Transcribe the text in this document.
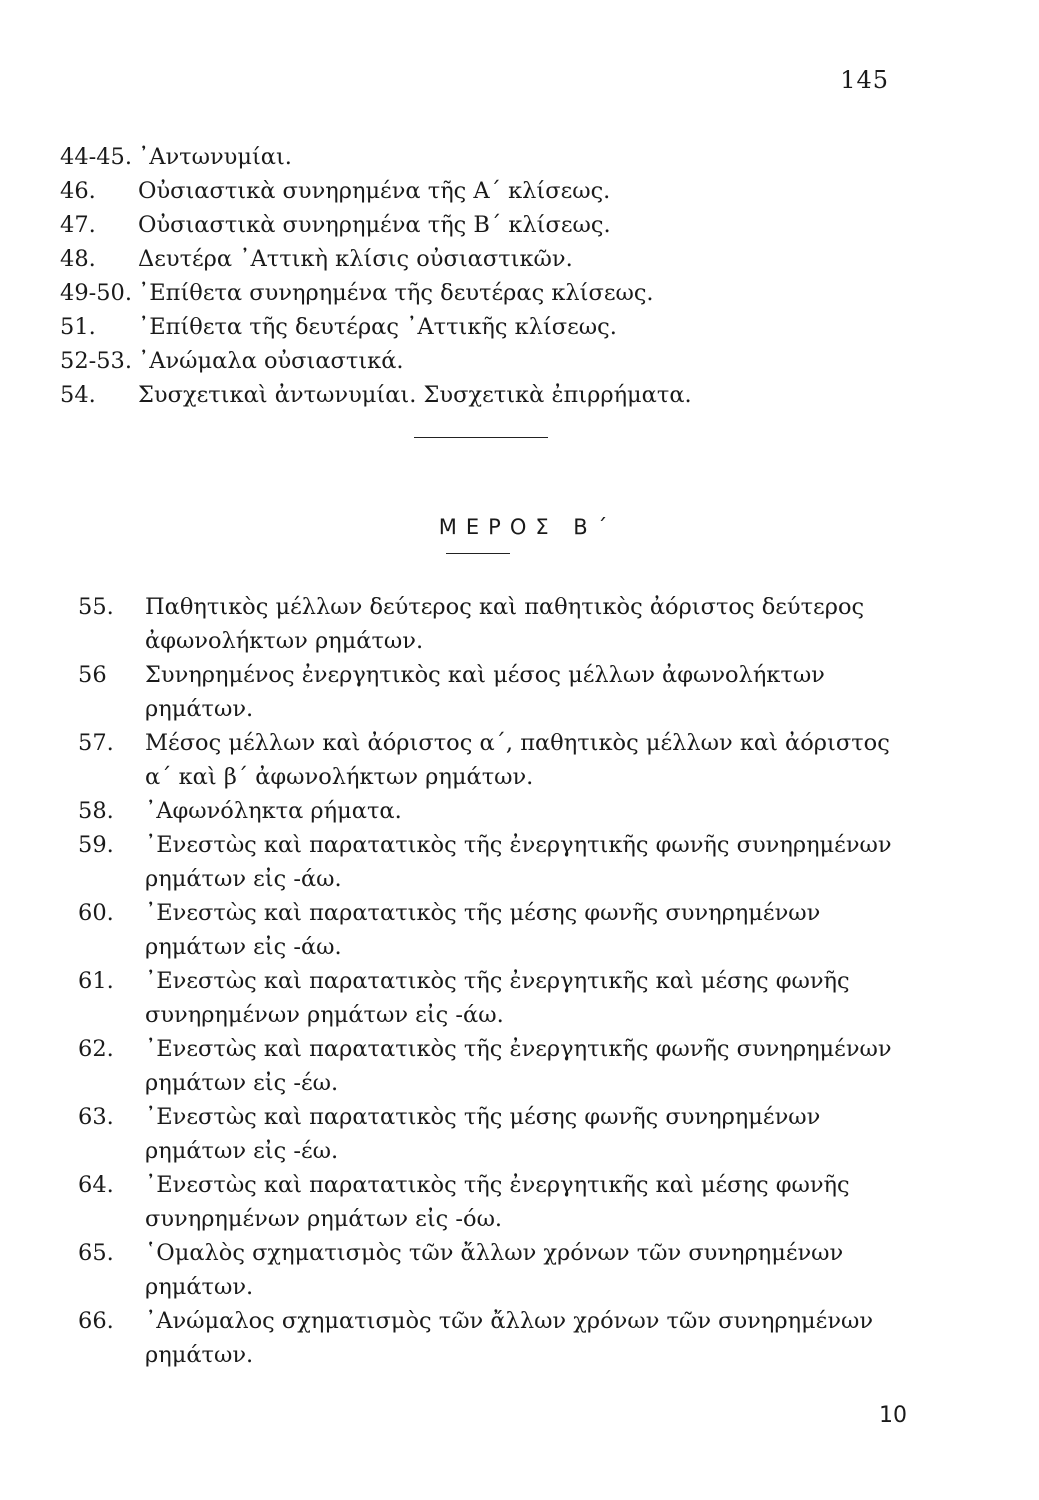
145
44-45. ᾿Αντωνυμίαι.
46.	Οὐσιαστικὰ συνηρημένα τῆς Α΄ κλίσεως.
47.	Οὐσιαστικὰ συνηρημένα τῆς Β΄ κλίσεως.
48.	Δευτέρα ᾿Αττικὴ κλίσις οὐσιαστικῶν.
49-50. ᾿Επίθετα συνηρημένα τῆς δευτέρας κλίσεως.
51.	᾿Επίθετα τῆς δευτέρας ᾿Αττικῆς κλίσεως.
52-53. ᾿Ανώμαλα οὐσιαστικά.
54.	Συσχετικαὶ ἀντωνυμίαι. Συσχετικὰ ἐπιρρήματα.
ΜΕΡΟΣ Β΄
55.	Παθητικὸς μέλλων δεύτερος καὶ παθητικὸς ἀόριστος δεύτερος ἀφωνολήκτων ρημάτων.
56	Συνηρημένος ἐνεργητικὸς καὶ μέσος μέλλων ἀφωνολήκτων ρημάτων.
57.	Μέσος μέλλων καὶ ἀόριστος α΄, παθητικὸς μέλλων καὶ ἀόριστος α΄ καὶ β΄ ἀφωνολήκτων ρημάτων.
58.	᾿Αφωνόληκτα ρήματα.
59.	᾿Ενεστὼς καὶ παρατατικὸς τῆς ἐνεργητικῆς φωνῆς συνηρημένων ρημάτων εἰς -άω.
60.	᾿Ενεστὼς καὶ παρατατικὸς τῆς μέσης φωνῆς συνηρημένων ρημάτων εἰς -άω.
61.	᾿Ενεστὼς καὶ παρατατικὸς τῆς ἐνεργητικῆς καὶ μέσης φωνῆς συνηρημένων ρημάτων εἰς -άω.
62.	᾿Ενεστὼς καὶ παρατατικὸς τῆς ἐνεργητικῆς φωνῆς συνηρημένων ρημάτων εἰς -έω.
63.	᾿Ενεστὼς καὶ παρατατικὸς τῆς μέσης φωνῆς συνηρημένων ρημάτων εἰς -έω.
64.	᾿Ενεστὼς καὶ παρατατικὸς τῆς ἐνεργητικῆς καὶ μέσης φωνῆς συνηρημένων ρημάτων εἰς -όω.
65.	῾Ομαλὸς σχηματισμὸς τῶν ἄλλων χρόνων τῶν συνηρημένων ρημάτων.
66.	᾿Ανώμαλος σχηματισμὸς τῶν ἄλλων χρόνων τῶν συνηρημένων ρημάτων.
10
